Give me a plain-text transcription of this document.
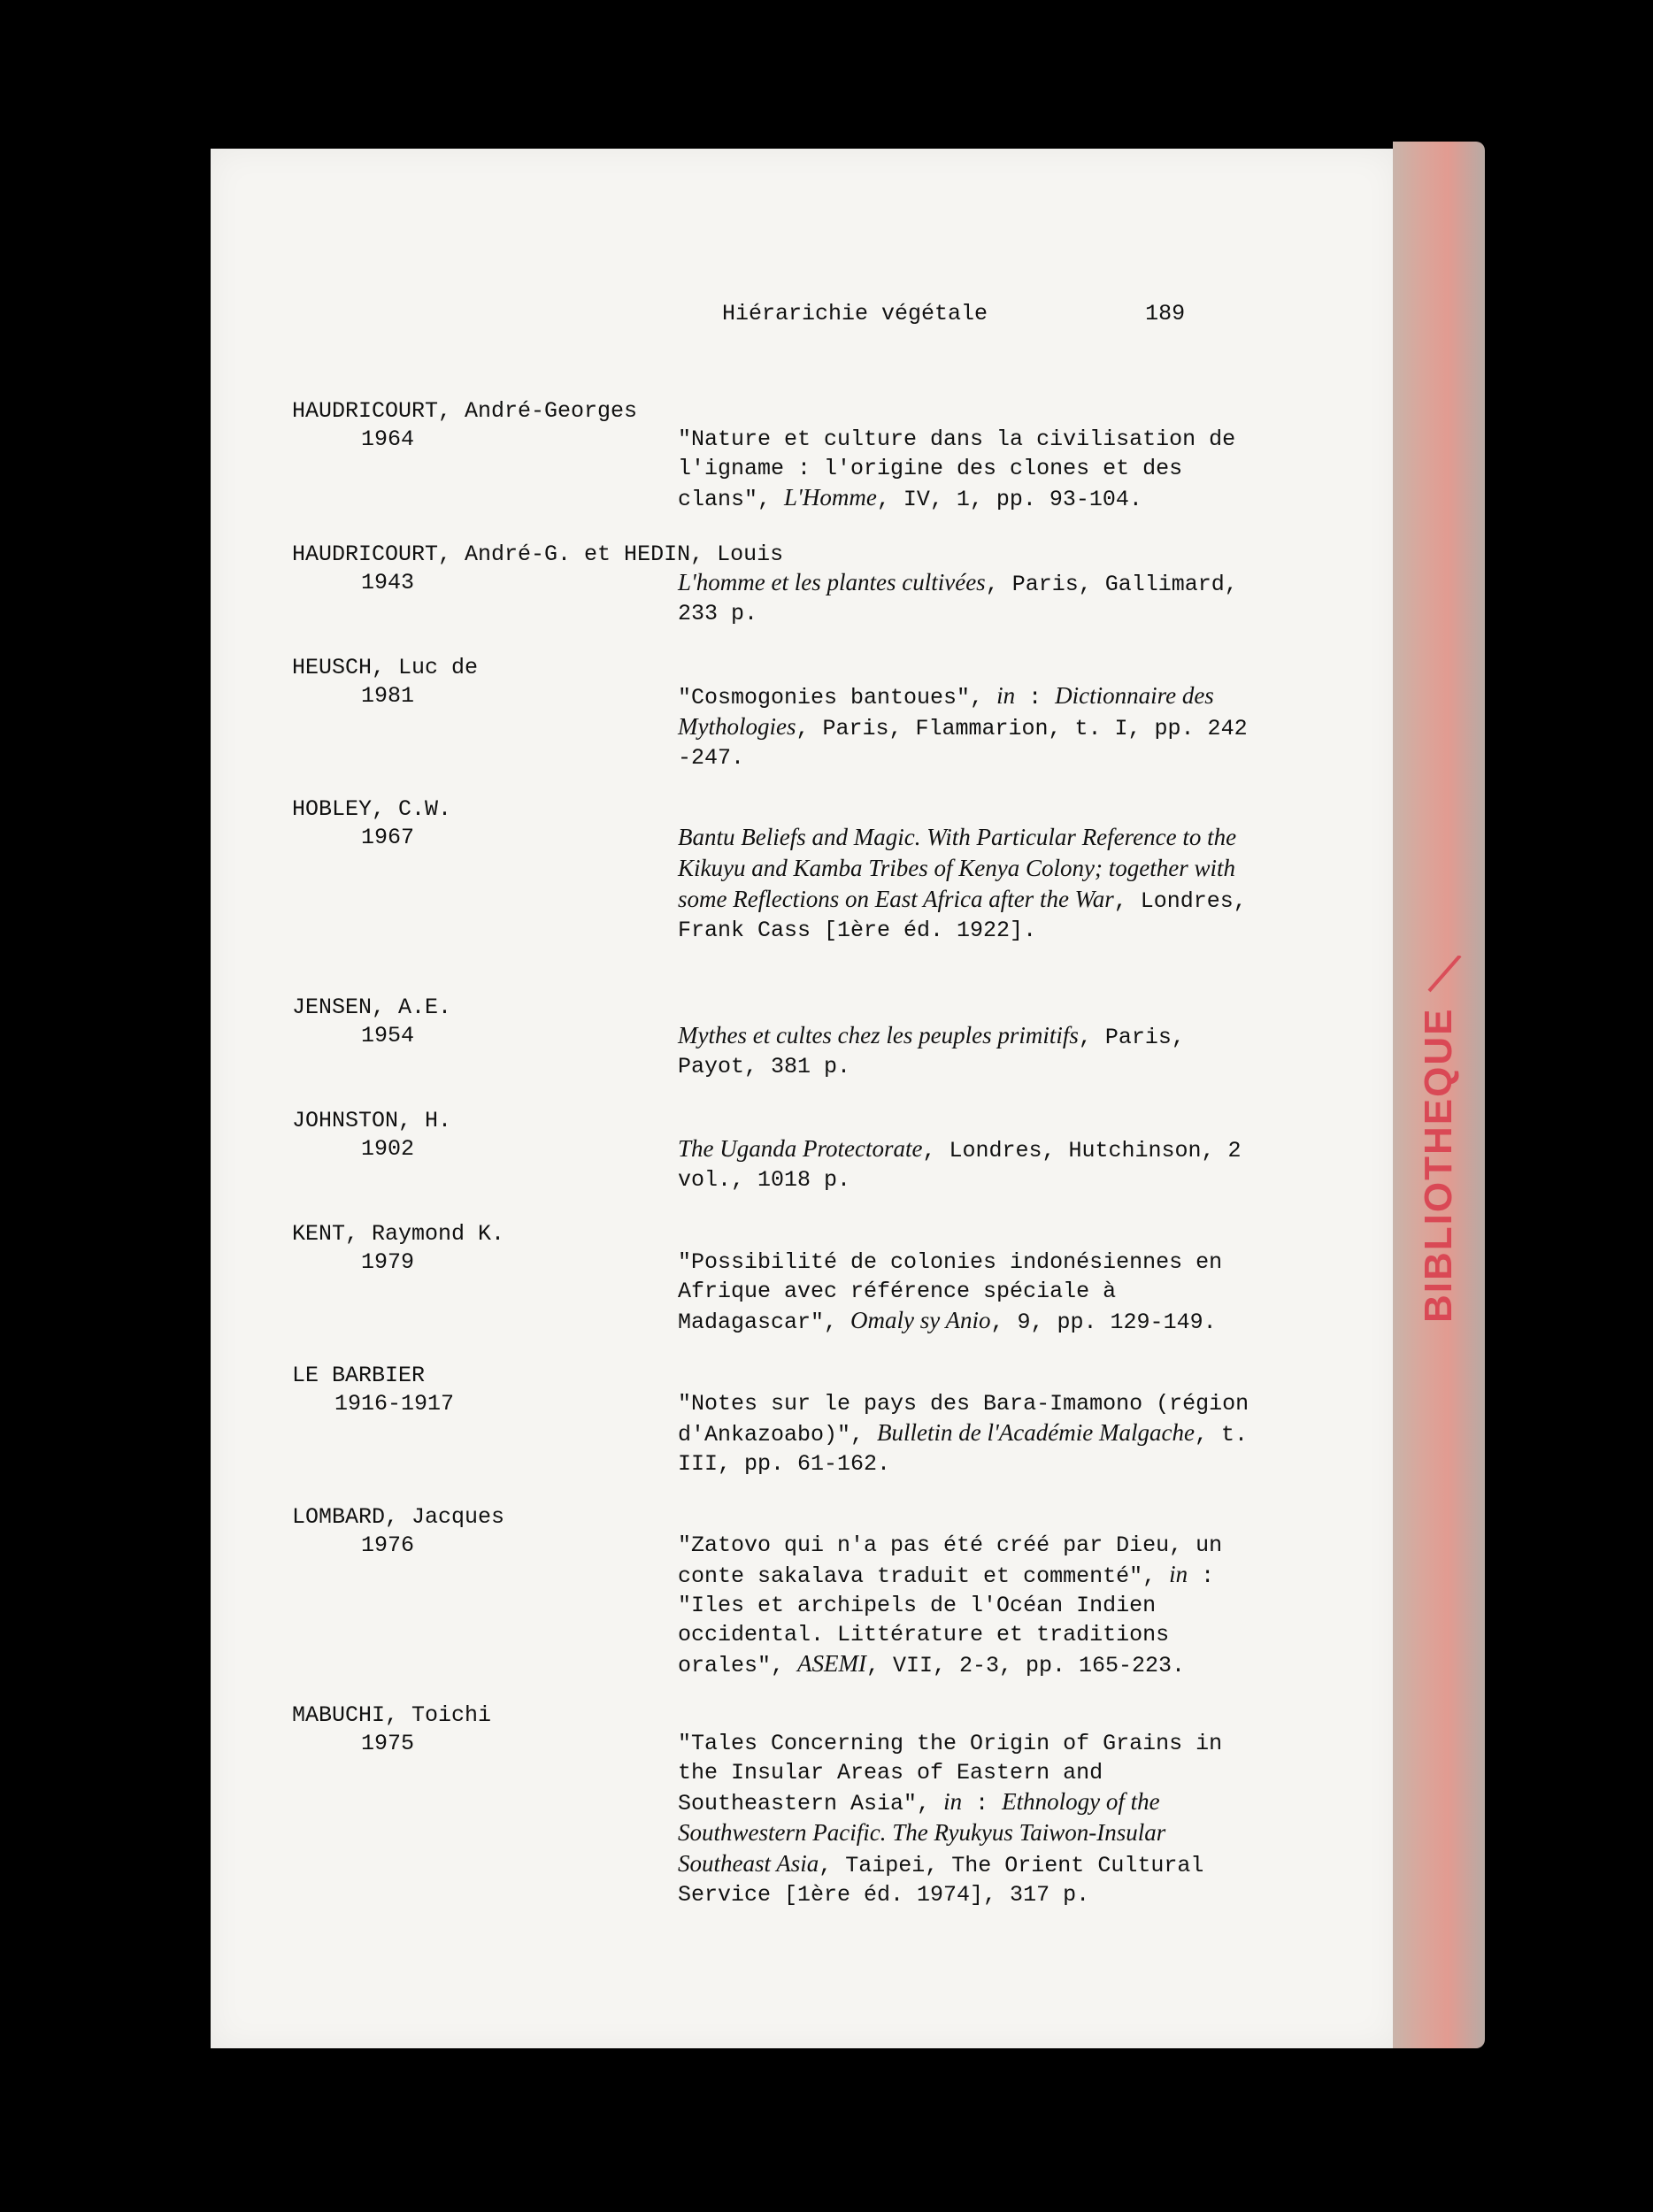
BIBLIOTHEQUE
Hiérarichie végétale	189
HAUDRICOURT, André-Georges
1964	"Nature et culture dans la civilisation de l'igname : l'origine des clones et des clans", L'Homme, IV, 1, pp. 93-104.
HAUDRICOURT, André-G. et HEDIN, Louis
1943	L'homme et les plantes cultivées, Paris, Gallimard, 233 p.
HEUSCH, Luc de
1981	"Cosmogonies bantoues", in : Dictionnaire des Mythologies, Paris, Flammarion, t. I, pp. 242 -247.
HOBLEY, C.W.
1967	Bantu Beliefs and Magic. With Particular Reference to the Kikuyu and Kamba Tribes of Kenya Colony; together with some Reflections on East Africa after the War, Londres, Frank Cass [1ère éd. 1922].
JENSEN, A.E.
1954	Mythes et cultes chez les peuples primitifs, Paris, Payot, 381 p.
JOHNSTON, H.
1902	The Uganda Protectorate, Londres, Hutchinson, 2 vol., 1018 p.
KENT, Raymond K.
1979	"Possibilité de colonies indonésiennes en Afrique avec référence spéciale à Madagascar", Omaly sy Anio, 9, pp. 129-149.
LE BARBIER
1916-1917	"Notes sur le pays des Bara-Imamono (région d'Ankazoabo)", Bulletin de l'Académie Malgache, t. III, pp. 61-162.
LOMBARD, Jacques
1976	"Zatovo qui n'a pas été créé par Dieu, un conte sakalava traduit et commenté", in : "Iles et archipels de l'Océan Indien occidental. Littérature et traditions orales", ASEMI, VII, 2-3, pp. 165-223.
MABUCHI, Toichi
1975	"Tales Concerning the Origin of Grains in the Insular Areas of Eastern and Southeastern Asia", in : Ethnology of the Southwestern Pacific. The Ryukyus Taiwon-Insular Southeast Asia, Taipei, The Orient Cultural Service [1ère éd. 1974], 317 p.
